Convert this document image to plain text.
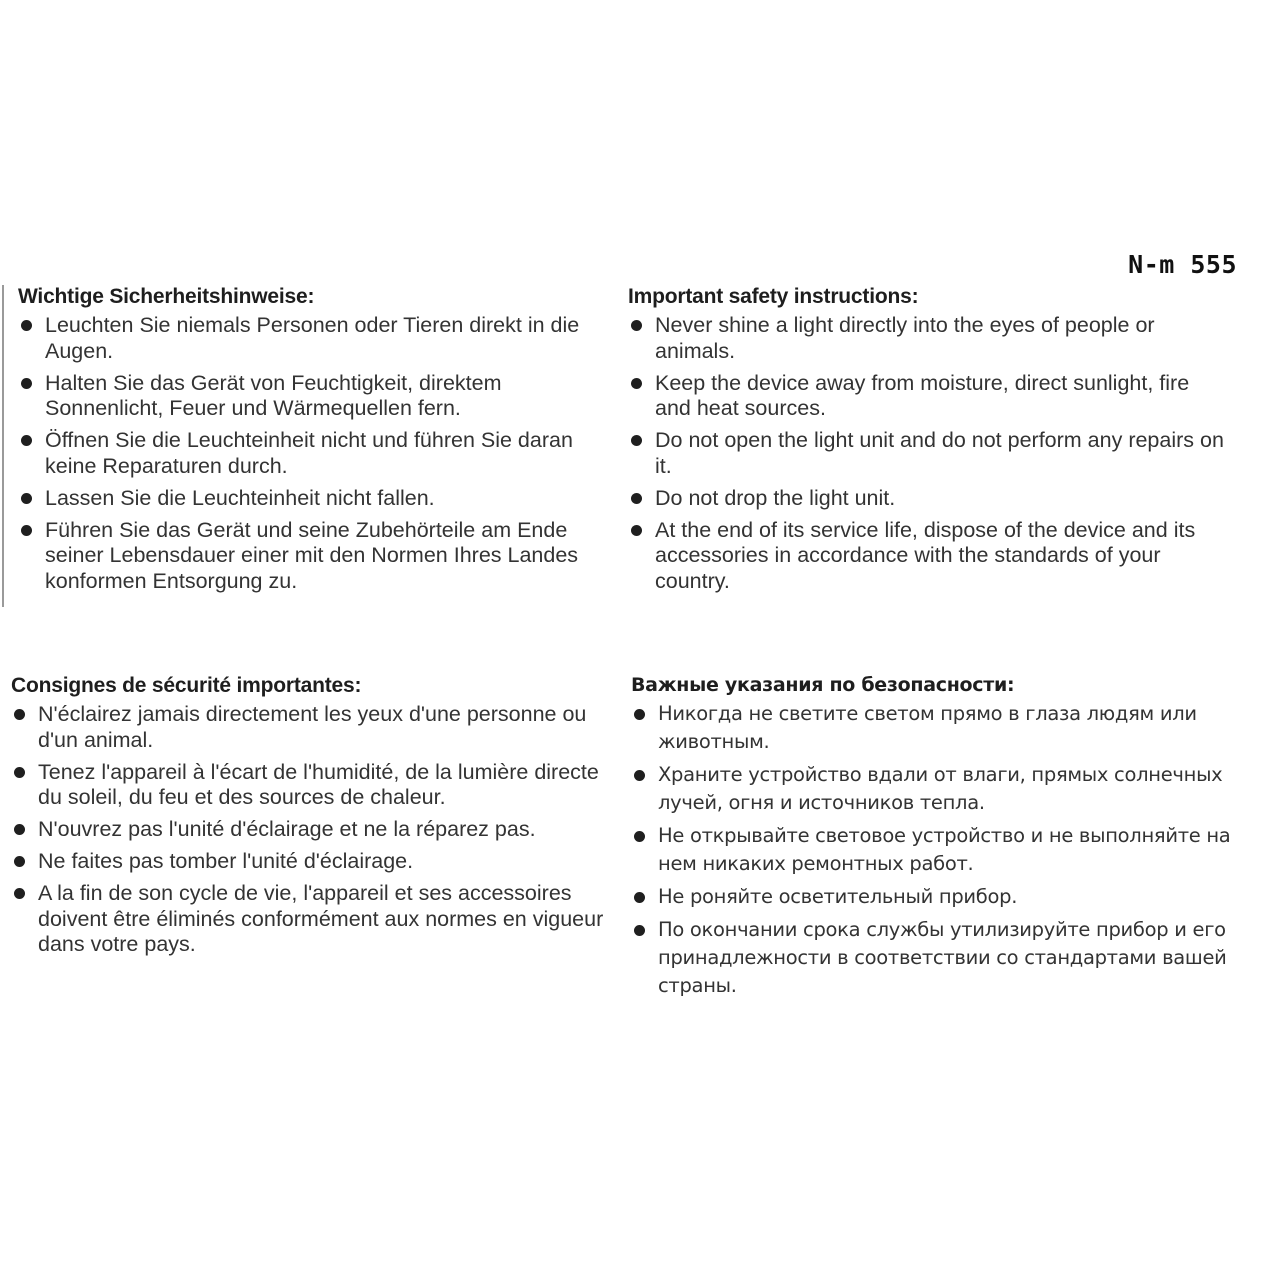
N-m 555
Wichtige Sicherheitshinweise:
Leuchten Sie niemals Personen oder Tieren direkt in die Augen.
Halten Sie das Gerät von Feuchtigkeit, direktem Sonnenlicht, Feuer und Wärmequellen fern.
Öffnen Sie die Leuchteinheit nicht und führen Sie daran keine Reparaturen durch.
Lassen Sie die Leuchteinheit nicht fallen.
Führen Sie das Gerät und seine Zubehörteile am Ende seiner Lebensdauer einer mit den Normen Ihres Landes konformen Entsorgung zu.
Important safety instructions:
Never shine a light directly into the eyes of people or animals.
Keep the device away from moisture, direct sunlight, fire and heat sources.
Do not open the light unit and do not perform any repairs on it.
Do not drop the light unit.
At the end of its service life, dispose of the device and its accessories in accordance with the standards of your country.
Consignes de sécurité importantes:
N'éclairez jamais directement les yeux d'une personne ou d'un animal.
Tenez l'appareil à l'écart de l'humidité, de la lumière directe du soleil, du feu et des sources de chaleur.
N'ouvrez pas l'unité d'éclairage et ne la réparez pas.
Ne faites pas tomber l'unité d'éclairage.
A la fin de son cycle de vie, l'appareil et ses accessoires doivent être éliminés conformément aux normes en vigueur dans votre pays.
Важные указания по безопасности:
Никогда не светите светом прямо в глаза людям или животным.
Храните устройство вдали от влаги, прямых солнечных лучей, огня и источников тепла.
Не открывайте световое устройство и не выполняйте на нем никаких ремонтных работ.
Не роняйте осветительный прибор.
По окончании срока службы утилизируйте прибор и его принадлежности в соответствии со стандартами вашей страны.
